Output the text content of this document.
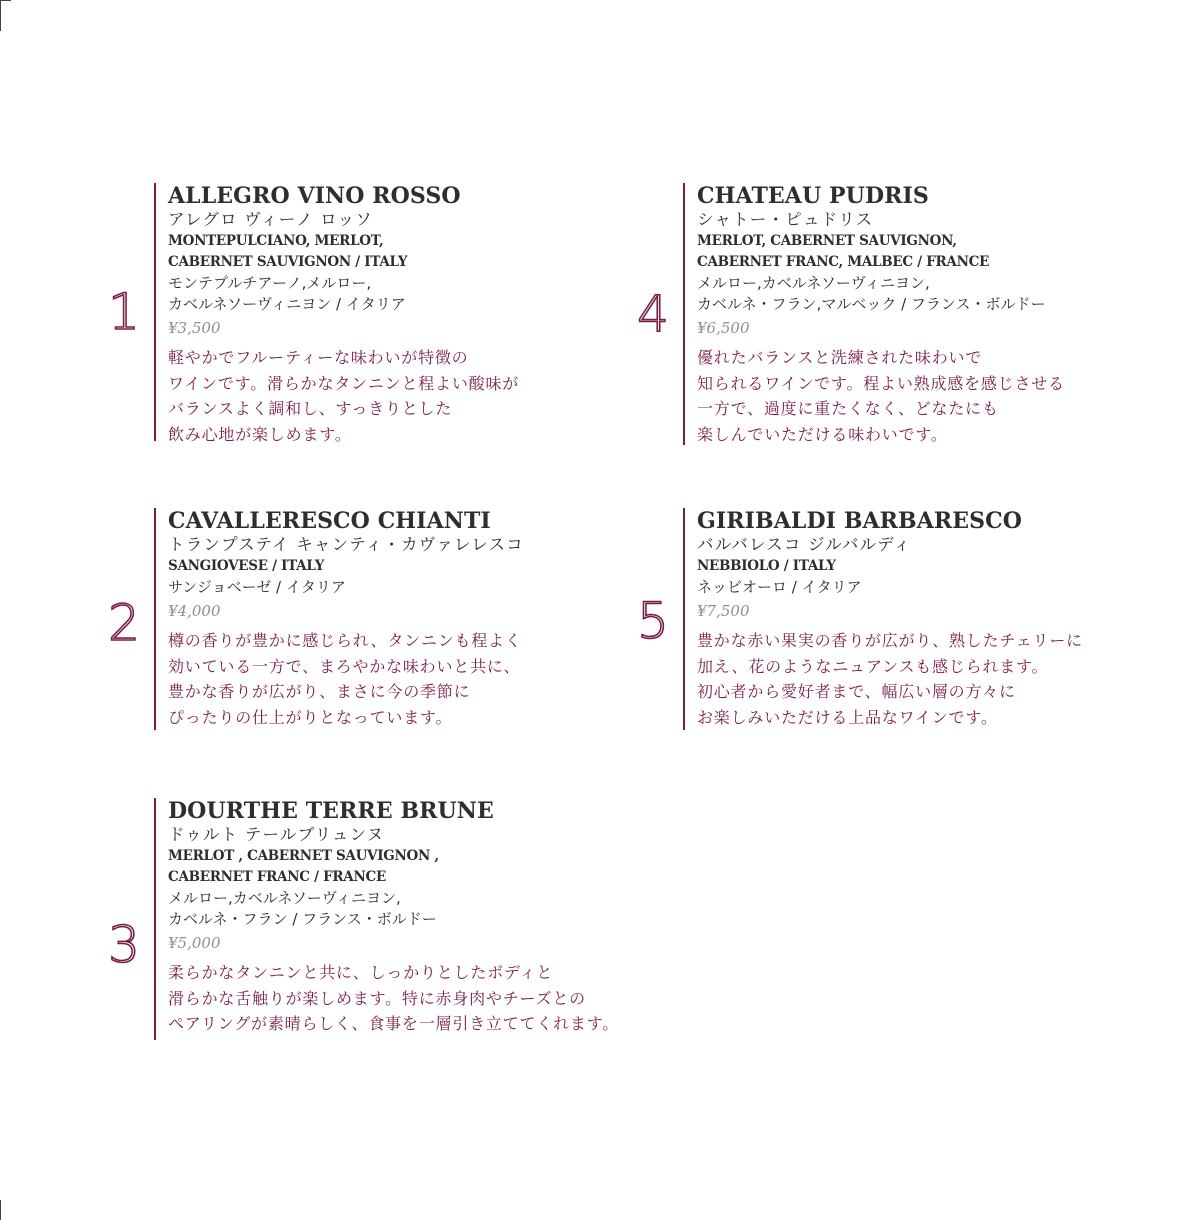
1
ALLEGRO VINO ROSSO
アレグロ ヴィーノ ロッソ
MONTEPULCIANO, MERLOT,
CABERNET SAUVIGNON / ITALY
モンテプルチアーノ,メルロー,
カベルネソーヴィニヨン / イタリア
¥3,500
軽やかでフルーティーな味わいが特徴の
ワインです。滑らかなタンニンと程よい酸味が
バランスよく調和し、すっきりとした
飲み心地が楽しめます。
2
CAVALLERESCO CHIANTI
トランプステイ キャンティ・カヴァレレスコ
SANGIOVESE / ITALY
サンジョベーゼ / イタリア
¥4,000
樽の香りが豊かに感じられ、タンニンも程よく
効いている一方で、まろやかな味わいと共に、
豊かな香りが広がり、まさに今の季節に
ぴったりの仕上がりとなっています。
3
DOURTHE TERRE BRUNE
ドゥルト テールブリュンヌ
MERLOT , CABERNET SAUVIGNON ,
CABERNET FRANC / FRANCE
メルロー,カベルネソーヴィニヨン,
カベルネ・フラン / フランス・ボルドー
¥5,000
柔らかなタンニンと共に、しっかりとしたボディと
滑らかな舌触りが楽しめます。特に赤身肉やチーズとの
ペアリングが素晴らしく、食事を一層引き立ててくれます。
4
CHATEAU PUDRIS
シャトー・ピュドリス
MERLOT, CABERNET SAUVIGNON,
CABERNET FRANC, MALBEC / FRANCE
メルロー,カベルネソーヴィニヨン,
カベルネ・フラン,マルベック / フランス・ボルドー
¥6,500
優れたバランスと洗練された味わいで
知られるワインです。程よい熟成感を感じさせる
一方で、過度に重たくなく、どなたにも
楽しんでいただける味わいです。
5
GIRIBALDI BARBARESCO
バルバレスコ ジルバルディ
NEBBIOLO / ITALY
ネッビオーロ / イタリア
¥7,500
豊かな赤い果実の香りが広がり、熟したチェリーに
加え、花のようなニュアンスも感じられます。
初心者から愛好者まで、幅広い層の方々に
お楽しみいただける上品なワインです。
